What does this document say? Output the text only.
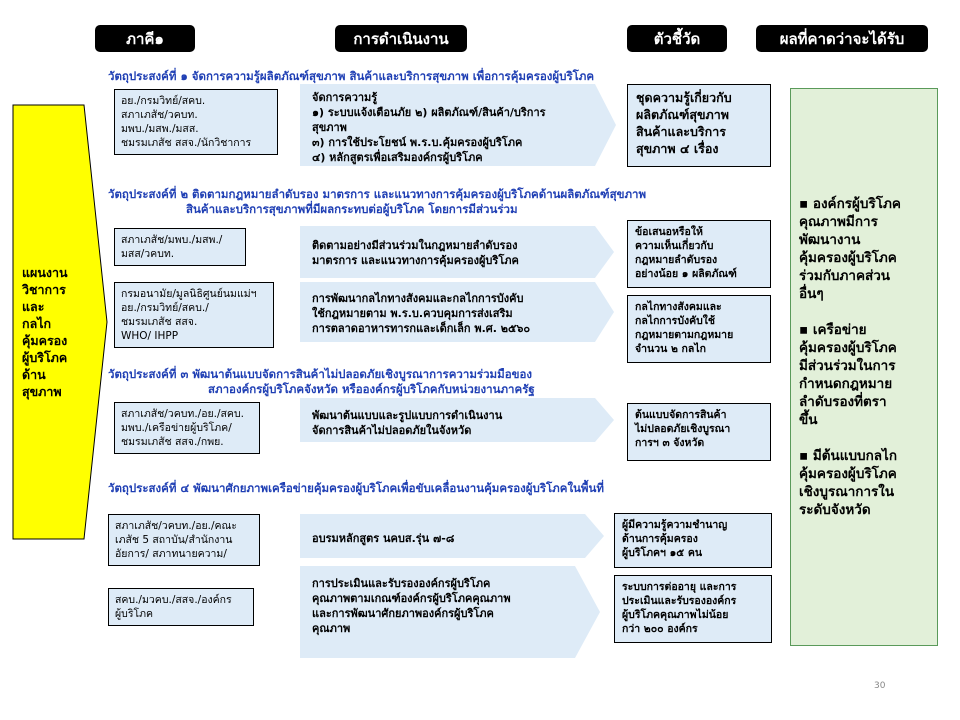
ภาคี๑	การดำเนินงาน	ตัวชี้วัด	ผลที่คาดว่าจะได้รับ
แผนงาน
วิชาการ
และ
กลไก
คุ้มครอง
ผู้บริโภค
ด้าน
สุขภาพ
วัตถุประสงค์ที่ ๑ จัดการความรู้ผลิตภัณฑ์สุขภาพ สินค้าและบริการสุขภาพ เพื่อการคุ้มครองผู้บริโภค
อย./กรมวิทย์/สคบ.
สภาเภสัช/วคบท.
มพบ./มสพ./มสส.
ชมรมเภสัช สสจ./นักวิชาการ
จัดการความรู้
๑) ระบบแจ้งเตือนภัย ๒) ผลิตภัณฑ์/สินค้า/บริการ
สุขภาพ
๓) การใช้ประโยชน์ พ.ร.บ.คุ้มครองผู้บริโภค
๔) หลักสูตรเพื่อเสริมองค์กรผู้บริโภค
ชุดความรู้เกี่ยวกับ
ผลิตภัณฑ์สุขภาพ
สินค้าและบริการ
สุขภาพ ๔ เรื่อง
วัตถุประสงค์ที่ ๒ ติดตามกฎหมายลำดับรอง มาตรการ และแนวทางการคุ้มครองผู้บริโภคด้านผลิตภัณฑ์สุขภาพ
สินค้าและบริการสุขภาพที่มีผลกระทบต่อผู้บริโภค โดยการมีส่วนร่วม
สภาเภสัช/มพบ./มสพ./
มสส/วคบท.
ติดตามอย่างมีส่วนร่วมในกฎหมายลำดับรอง
มาตรการ และแนวทางการคุ้มครองผู้บริโภค
ข้อเสนอหรือให้
ความเห็นเกี่ยวกับ
กฎหมายลำดับรอง
อย่างน้อย ๑ ผลิตภัณฑ์
กรมอนามัย/มูลนิธิศูนย์นมแม่ฯ
อย./กรมวิทย์/สคบ./
ชมรมเภสัช สสจ.
WHO/ IHPP
การพัฒนากลไกทางสังคมและกลไกการบังคับ
ใช้กฎหมายตาม พ.ร.บ.ควบคุมการส่งเสริม
การตลาดอาหารทารกและเด็กเล็ก พ.ศ. ๒๕๖๐
กลไกทางสังคมและ
กลไกการบังคับใช้
กฎหมายตามกฎหมาย
จำนวน ๒ กลไก
วัตถุประสงค์ที่ ๓ พัฒนาต้นแบบจัดการสินค้าไม่ปลอดภัยเชิงบูรณาการความร่วมมือของ
สภาองค์กรผู้บริโภคจังหวัด หรือองค์กรผู้บริโภคกับหน่วยงานภาครัฐ
สภาเภสัช/วคบท./อย./สคบ.
มพบ./เครือข่ายผู้บริโภค/
ชมรมเภสัช สสจ./กพย.
พัฒนาต้นแบบและรูปแบบการดำเนินงาน
จัดการสินค้าไม่ปลอดภัยในจังหวัด
ต้นแบบจัดการสินค้า
ไม่ปลอดภัยเชิงบูรณา
การฯ ๓ จังหวัด
วัตถุประสงค์ที่ ๔ พัฒนาศักยภาพเครือข่ายคุ้มครองผู้บริโภคเพื่อขับเคลื่อนงานคุ้มครองผู้บริโภคในพื้นที่
สภาเภสัช/วคบท./อย./คณะ
เภสัช 5 สถาบัน/สำนักงาน
อัยการ/ สภาทนายความ/
อบรมหลักสูตร นคบส.รุ่น ๗-๘
ผู้มีความรู้ความชำนาญ
ด้านการคุ้มครอง
ผู้บริโภคฯ ๑๕ คน
สคบ./มวคบ./สสจ./องค์กร
ผู้บริโภค
การประเมินและรับรององค์กรผู้บริโภค
คุณภาพตามเกณฑ์องค์กรผู้บริโภคคุณภาพ
และการพัฒนาศักยภาพองค์กรผู้บริโภค
คุณภาพ
ระบบการต่ออายุ และการ
ประเมินและรับรององค์กร
ผู้บริโภคคุณภาพไม่น้อย
กว่า ๒๐๐ องค์กร
▪ องค์กรผู้บริโภค
คุณภาพมีการ
พัฒนางาน
คุ้มครองผู้บริโภค
ร่วมกับภาคส่วน
อื่นๆ
▪ เครือข่าย
คุ้มครองผู้บริโภค
มีส่วนร่วมในการ
กำหนดกฎหมาย
ลำดับรองที่ตรา
ขึ้น
▪ มีต้นแบบกลไก
คุ้มครองผู้บริโภค
เชิงบูรณาการใน
ระดับจังหวัด
30
